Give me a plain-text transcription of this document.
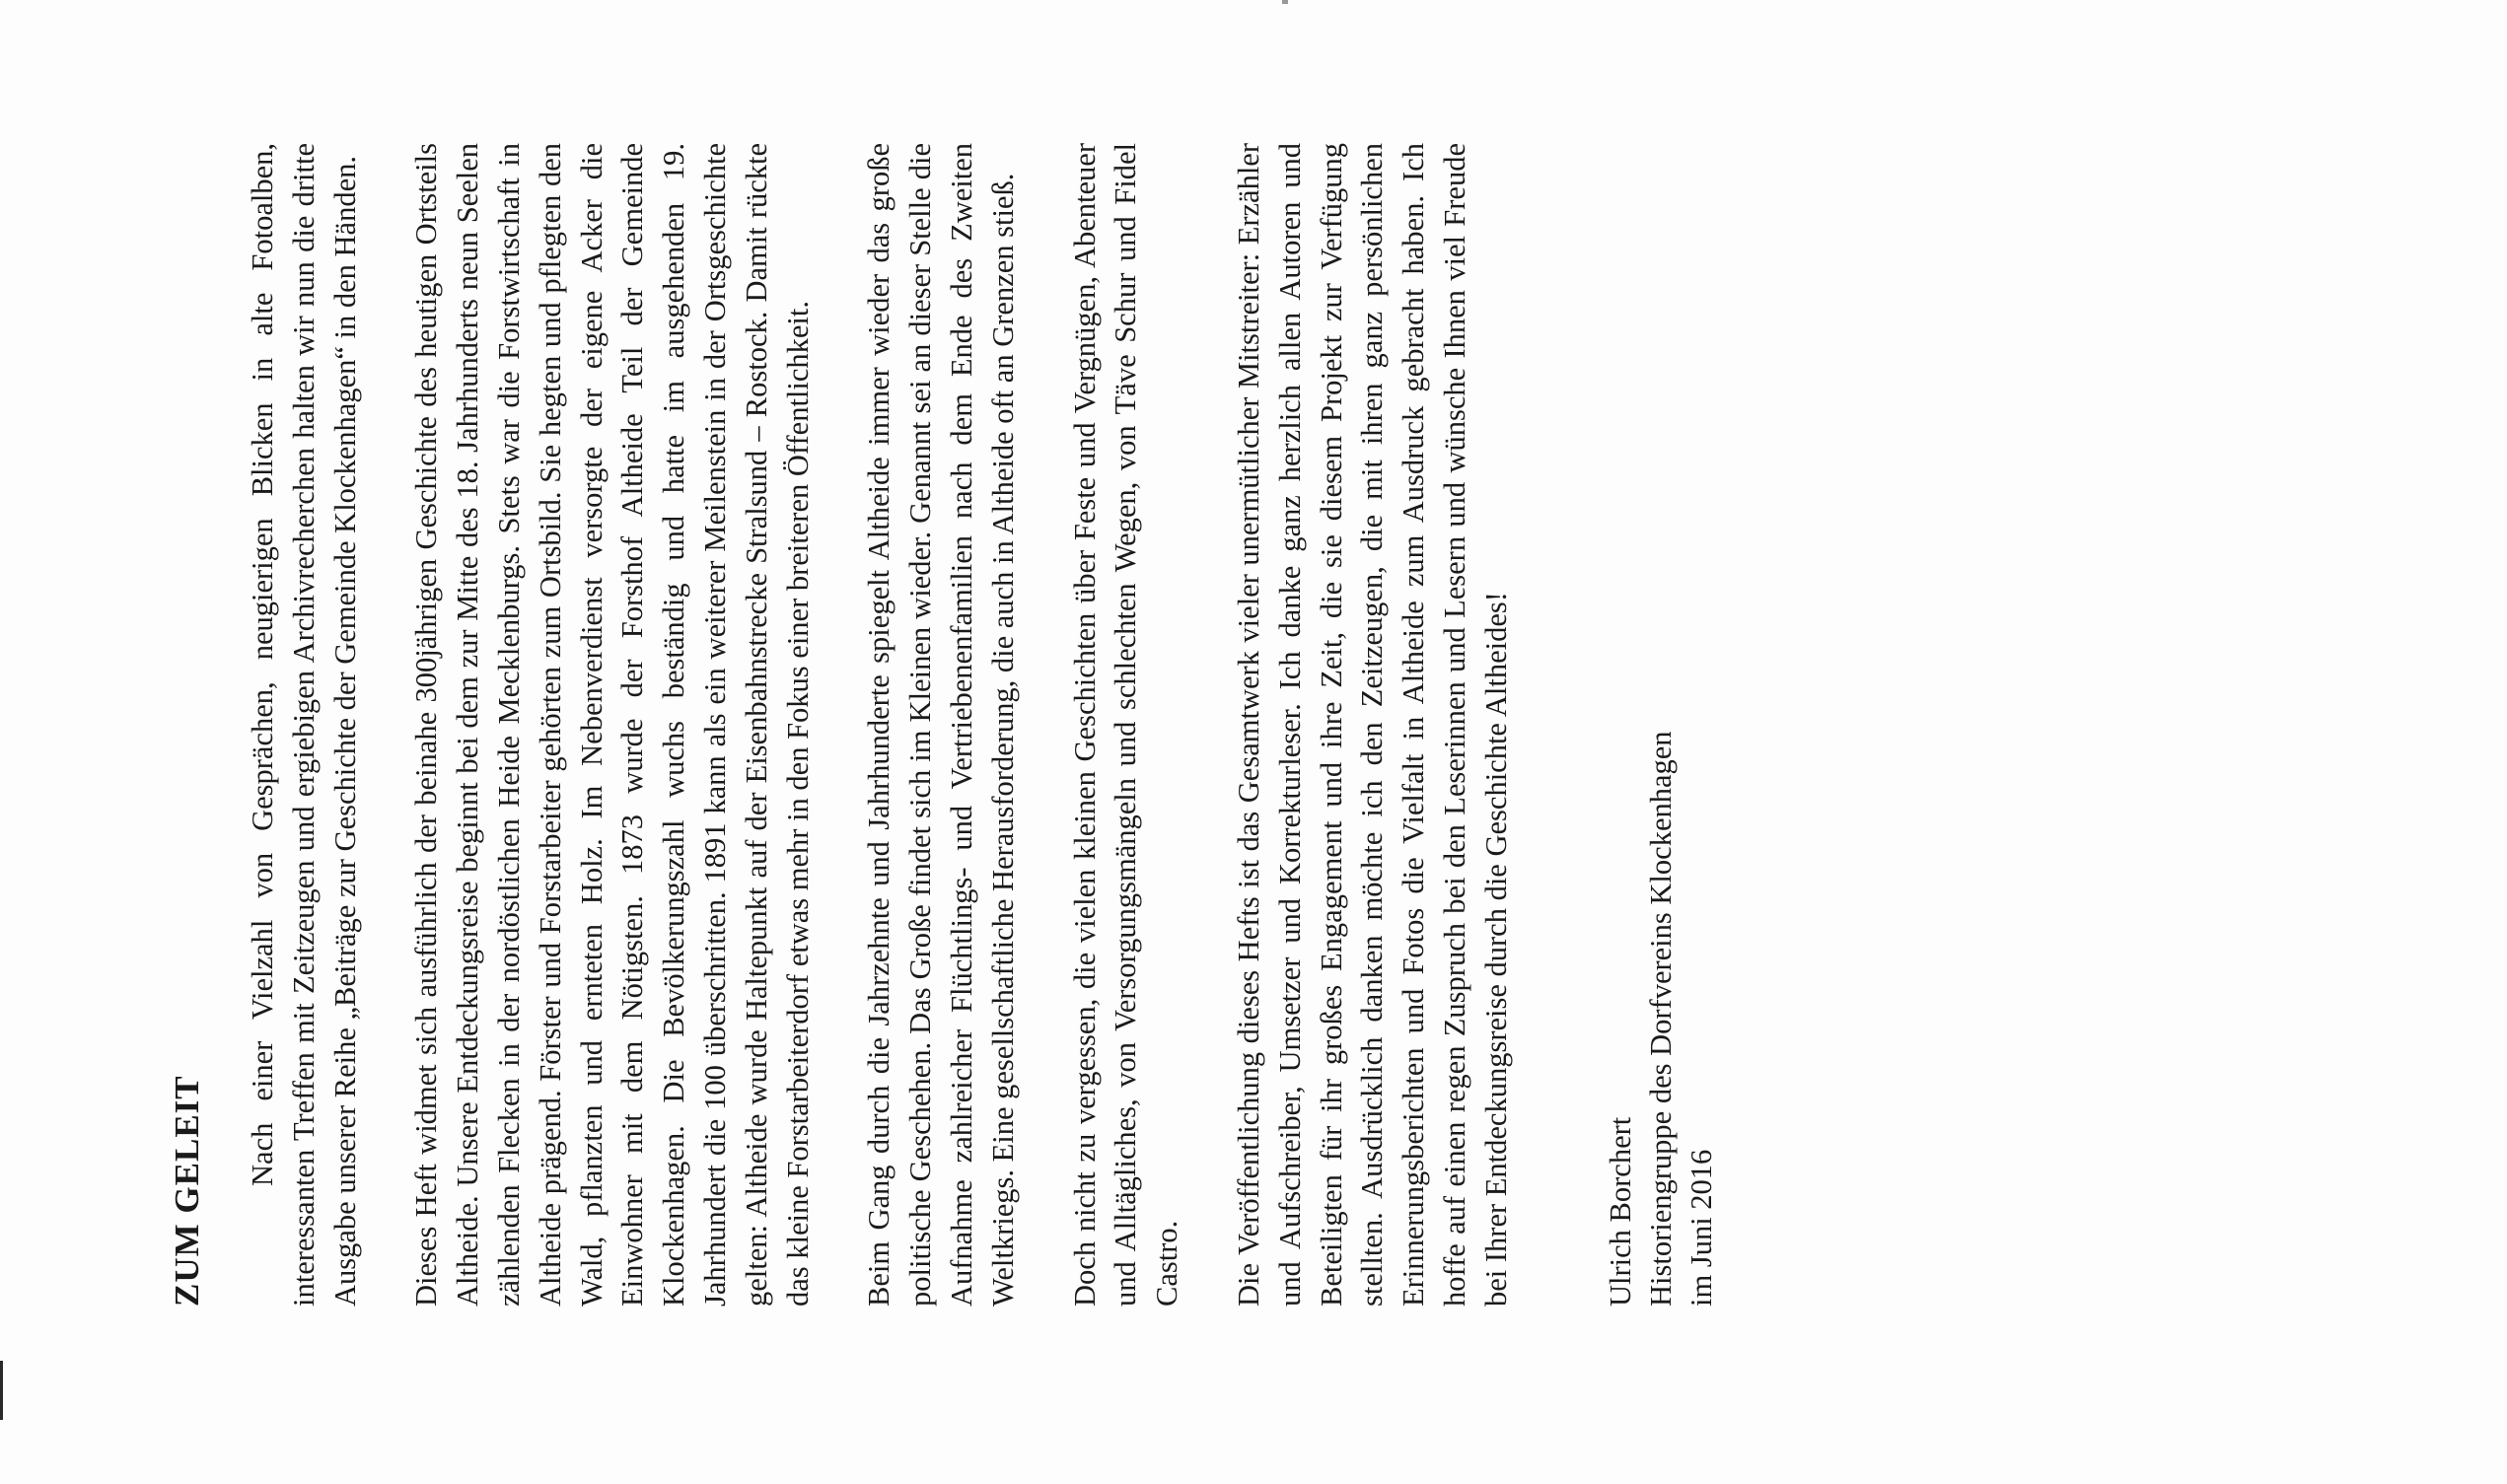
ZUM GELEIT

Nach einer Vielzahl von Gesprächen, neugierigen Blicken in alte Fotoalben, interessanten Treffen mit Zeitzeugen und ergiebigen Archivrecherchen halten wir nun die dritte Ausgabe unserer Reihe „Beiträge zur Geschichte der Gemeinde Klockenhagen“ in den Händen. Dieses Heft widmet sich ausführlich der beinahe 300jährigen Geschichte des heutigen Ortsteils Altheide. Unsere Entdeckungsreise beginnt bei dem zur Mitte des 18. Jahrhunderts neun Seelen zählenden Flecken in der nordöstlichen Heide Mecklenburgs. Stets war die Forstwirtschaft in Altheide prägend. Förster und Forstarbeiter gehörten zum Ortsbild. Sie hegten und pflegten den Wald, pflanzten und ernteten Holz. Im Nebenverdienst versorgte der eigene Acker die Einwohner mit dem Nötigsten. 1873 wurde der Forsthof Altheide Teil der Gemeinde Klockenhagen. Die Bevölkerungszahl wuchs beständig und hatte im ausgehenden 19. Jahrhundert die 100 überschritten. 1891 kann als ein weiterer Meilenstein in der Ortsgeschichte gelten: Altheide wurde Haltepunkt auf der Eisenbahnstrecke Stralsund – Rostock. Damit rückte das kleine Forstarbeiterdorf etwas mehr in den Fokus einer breiteren Öffentlichkeit. Beim Gang durch die Jahrzehnte und Jahrhunderte spiegelt Altheide immer wieder das große politische Geschehen. Das Große findet sich im Kleinen wieder. Genannt sei an dieser Stelle die Aufnahme zahlreicher Flüchtlings- und Vertriebenenfamilien nach dem Ende des Zweiten Weltkriegs. Eine gesellschaftliche Herausforderung, die auch in Altheide oft an Grenzen stieß. Doch nicht zu vergessen, die vielen kleinen Geschichten über Feste und Vergnügen, Abenteuer und Alltägliches, von Versorgungsmängeln und schlechten Wegen, von Täve Schur und Fidel Castro. Die Veröffentlichung dieses Hefts ist das Gesamtwerk vieler unermütlicher Mitstreiter: Erzähler und Aufschreiber, Umsetzer und Korrekturleser. Ich danke ganz herzlich allen Autoren und Beteiligten für ihr großes Engagement und ihre Zeit, die sie diesem Projekt zur Verfügung stellten. Ausdrücklich danken möchte ich den Zeitzeugen, die mit ihren ganz persönlichen Erinnerungsberichten und Fotos die Vielfalt in Altheide zum Ausdruck gebracht haben. Ich hoffe auf einen regen Zuspruch bei den Leserinnen und Lesern und wünsche Ihnen viel Freude bei Ihrer Entdeckungsreise durch die Geschichte Altheides!	Ulrich Borchert Historiengruppe des Dorfvereins Klockenhagen im Juni 2016
